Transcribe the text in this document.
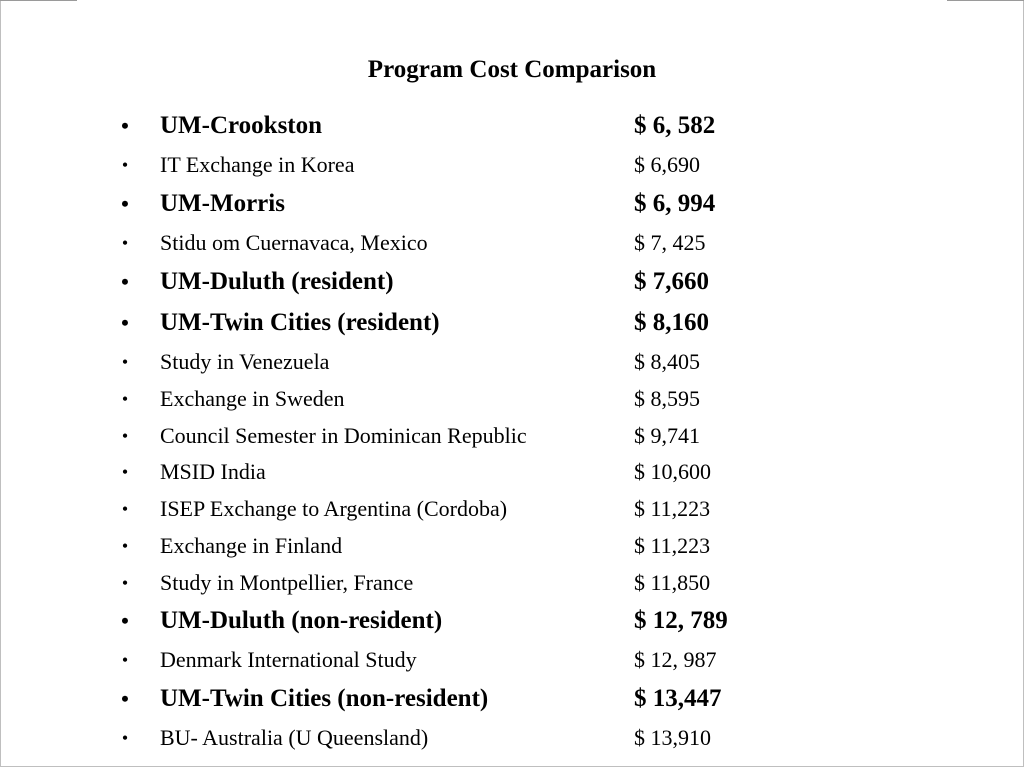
Program Cost Comparison
• UM-Crookston	$ 6, 582
• IT Exchange in Korea	$ 6,690
• UM-Morris	$ 6, 994
• Stidu om Cuernavaca, Mexico	$ 7, 425
• UM-Duluth (resident)	$ 7,660
• UM-Twin Cities (resident)	$ 8,160
• Study in Venezuela	$ 8,405
• Exchange in Sweden	$ 8,595
• Council Semester in Dominican Republic	$ 9,741
• MSID India	$ 10,600
• ISEP Exchange to Argentina (Cordoba)	$ 11,223
• Exchange in Finland	$ 11,223
• Study in Montpellier, France	$ 11,850
• UM-Duluth (non-resident)	$ 12, 789
• Denmark International Study	$ 12, 987
• UM-Twin Cities (non-resident)	$ 13,447
• BU- Australia (U Queensland)	$ 13,910
